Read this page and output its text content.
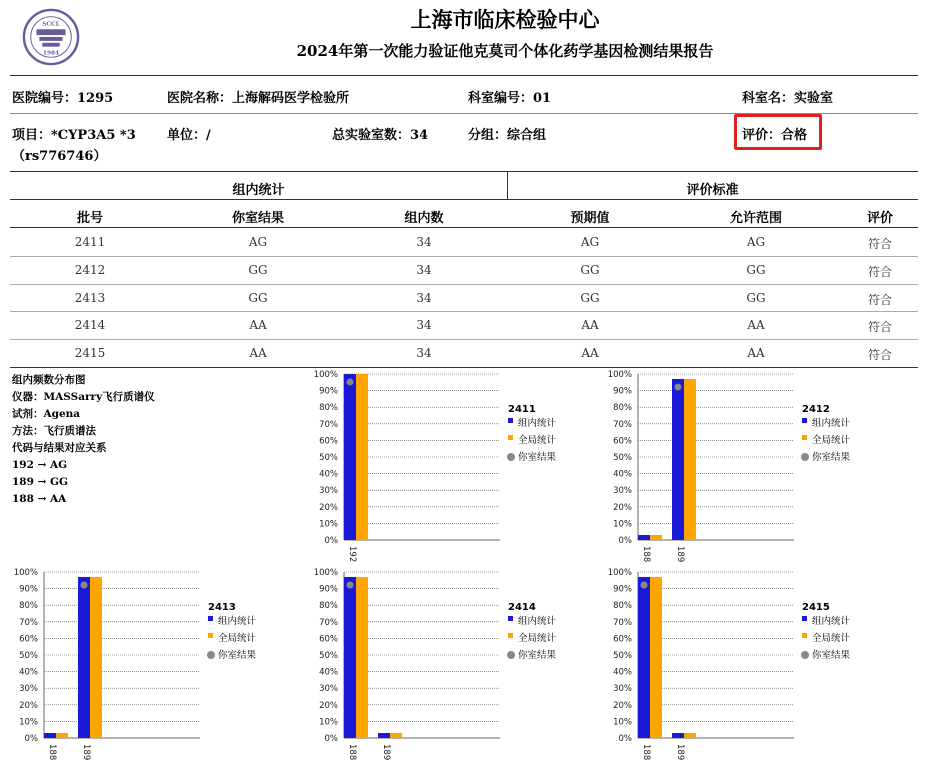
SCCL
1984
上海市临床检验中心
2024年第一次能力验证他克莫司个体化药学基因检测结果报告
医院编号：1295	医院名称：上海解码医学检验所	科室编号：01	科室名：实验室
项目：*CYP3A5 *3
（rs776746）
单位：/	总实验室数：34	分组：综合组	评价：合格
组内统计	评价标准
批号	你室结果	组内数	预期值	允许范围	评价
2411	AG	34	AG	AG	符合
2412	GG	34	GG	GG	符合
2413	GG	34	GG	GG	符合
2414	AA	34	AA	AA	符合
2415	AA	34	AA	AA	符合
组内频数分布图
仪器：MASSarry飞行质谱仪
试剂：Agena
方法：飞行质谱法
代码与结果对应关系
192 → AG
189 → GG
188 → AA
0%
10%
20%
30%
40%
50%
60%
70%
80%
90%
100%
192
2411
组内统计
全局统计
你室结果
0%
10%
20%
30%
40%
50%
60%
70%
80%
90%
100%
188	189
2412
组内统计
全局统计
你室结果
0%
10%
20%
30%
40%
50%
60%
70%
80%
90%
100%
188	189
2413
组内统计
全局统计
你室结果
0%
10%
20%
30%
40%
50%
60%
70%
80%
90%
100%
188	189
2414
组内统计
全局统计
你室结果
0%
10%
20%
30%
40%
50%
60%
70%
80%
90%
100%
188	189
2415
组内统计
全局统计
你室结果
